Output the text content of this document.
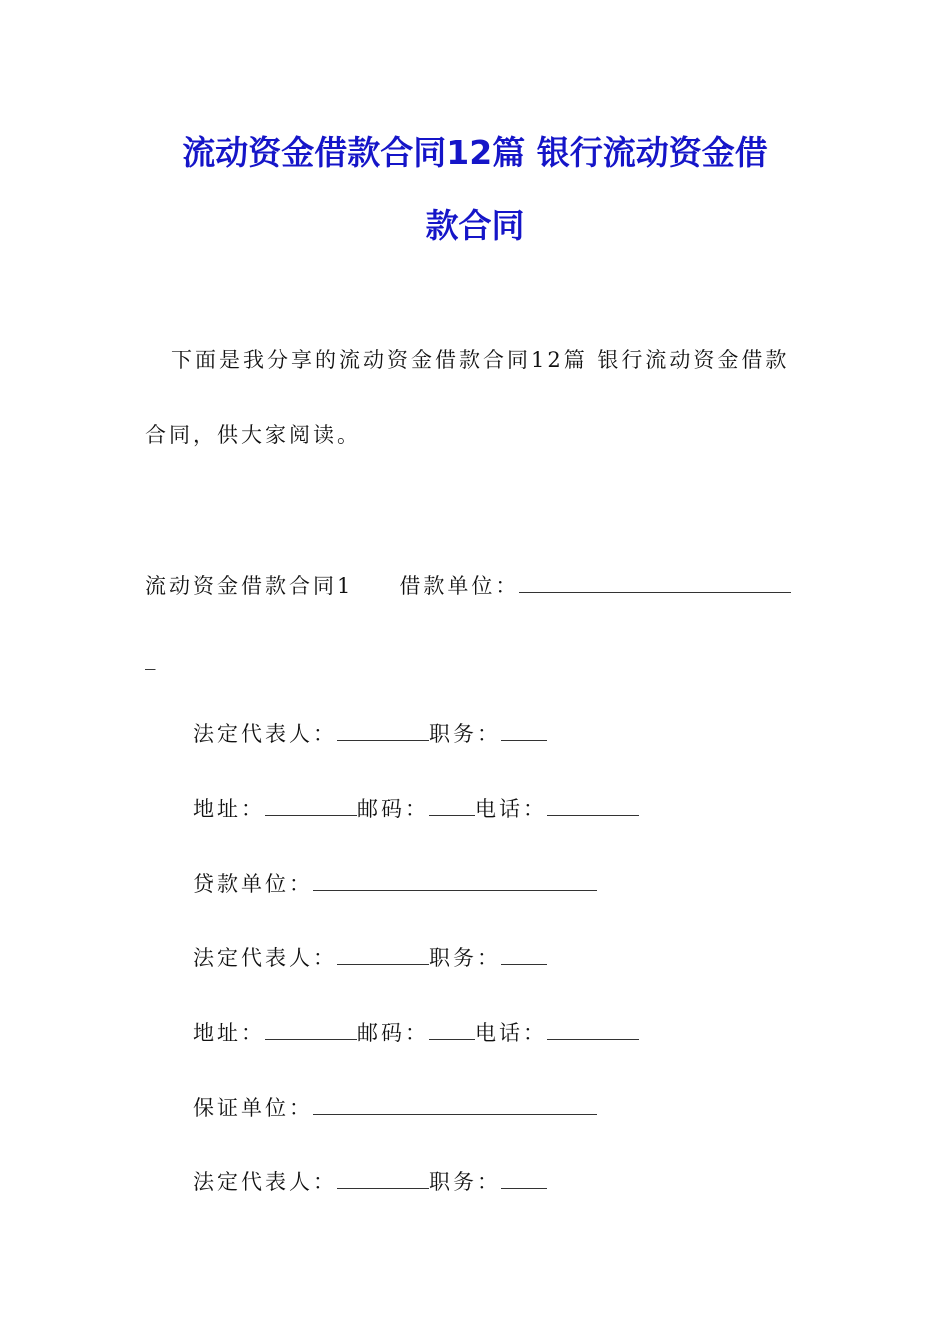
流动资金借款合同12篇 银行流动资金借
款合同
下面是我分享的流动资金借款合同12篇 银行流动资金借款
合同，供大家阅读。
流动资金借款合同1 借款单位：
_
法定代表人：	职务：
地址：	邮码： 电话：
贷款单位：
法定代表人：	职务：
地址：	邮码： 电话：
保证单位：
法定代表人：	职务：
